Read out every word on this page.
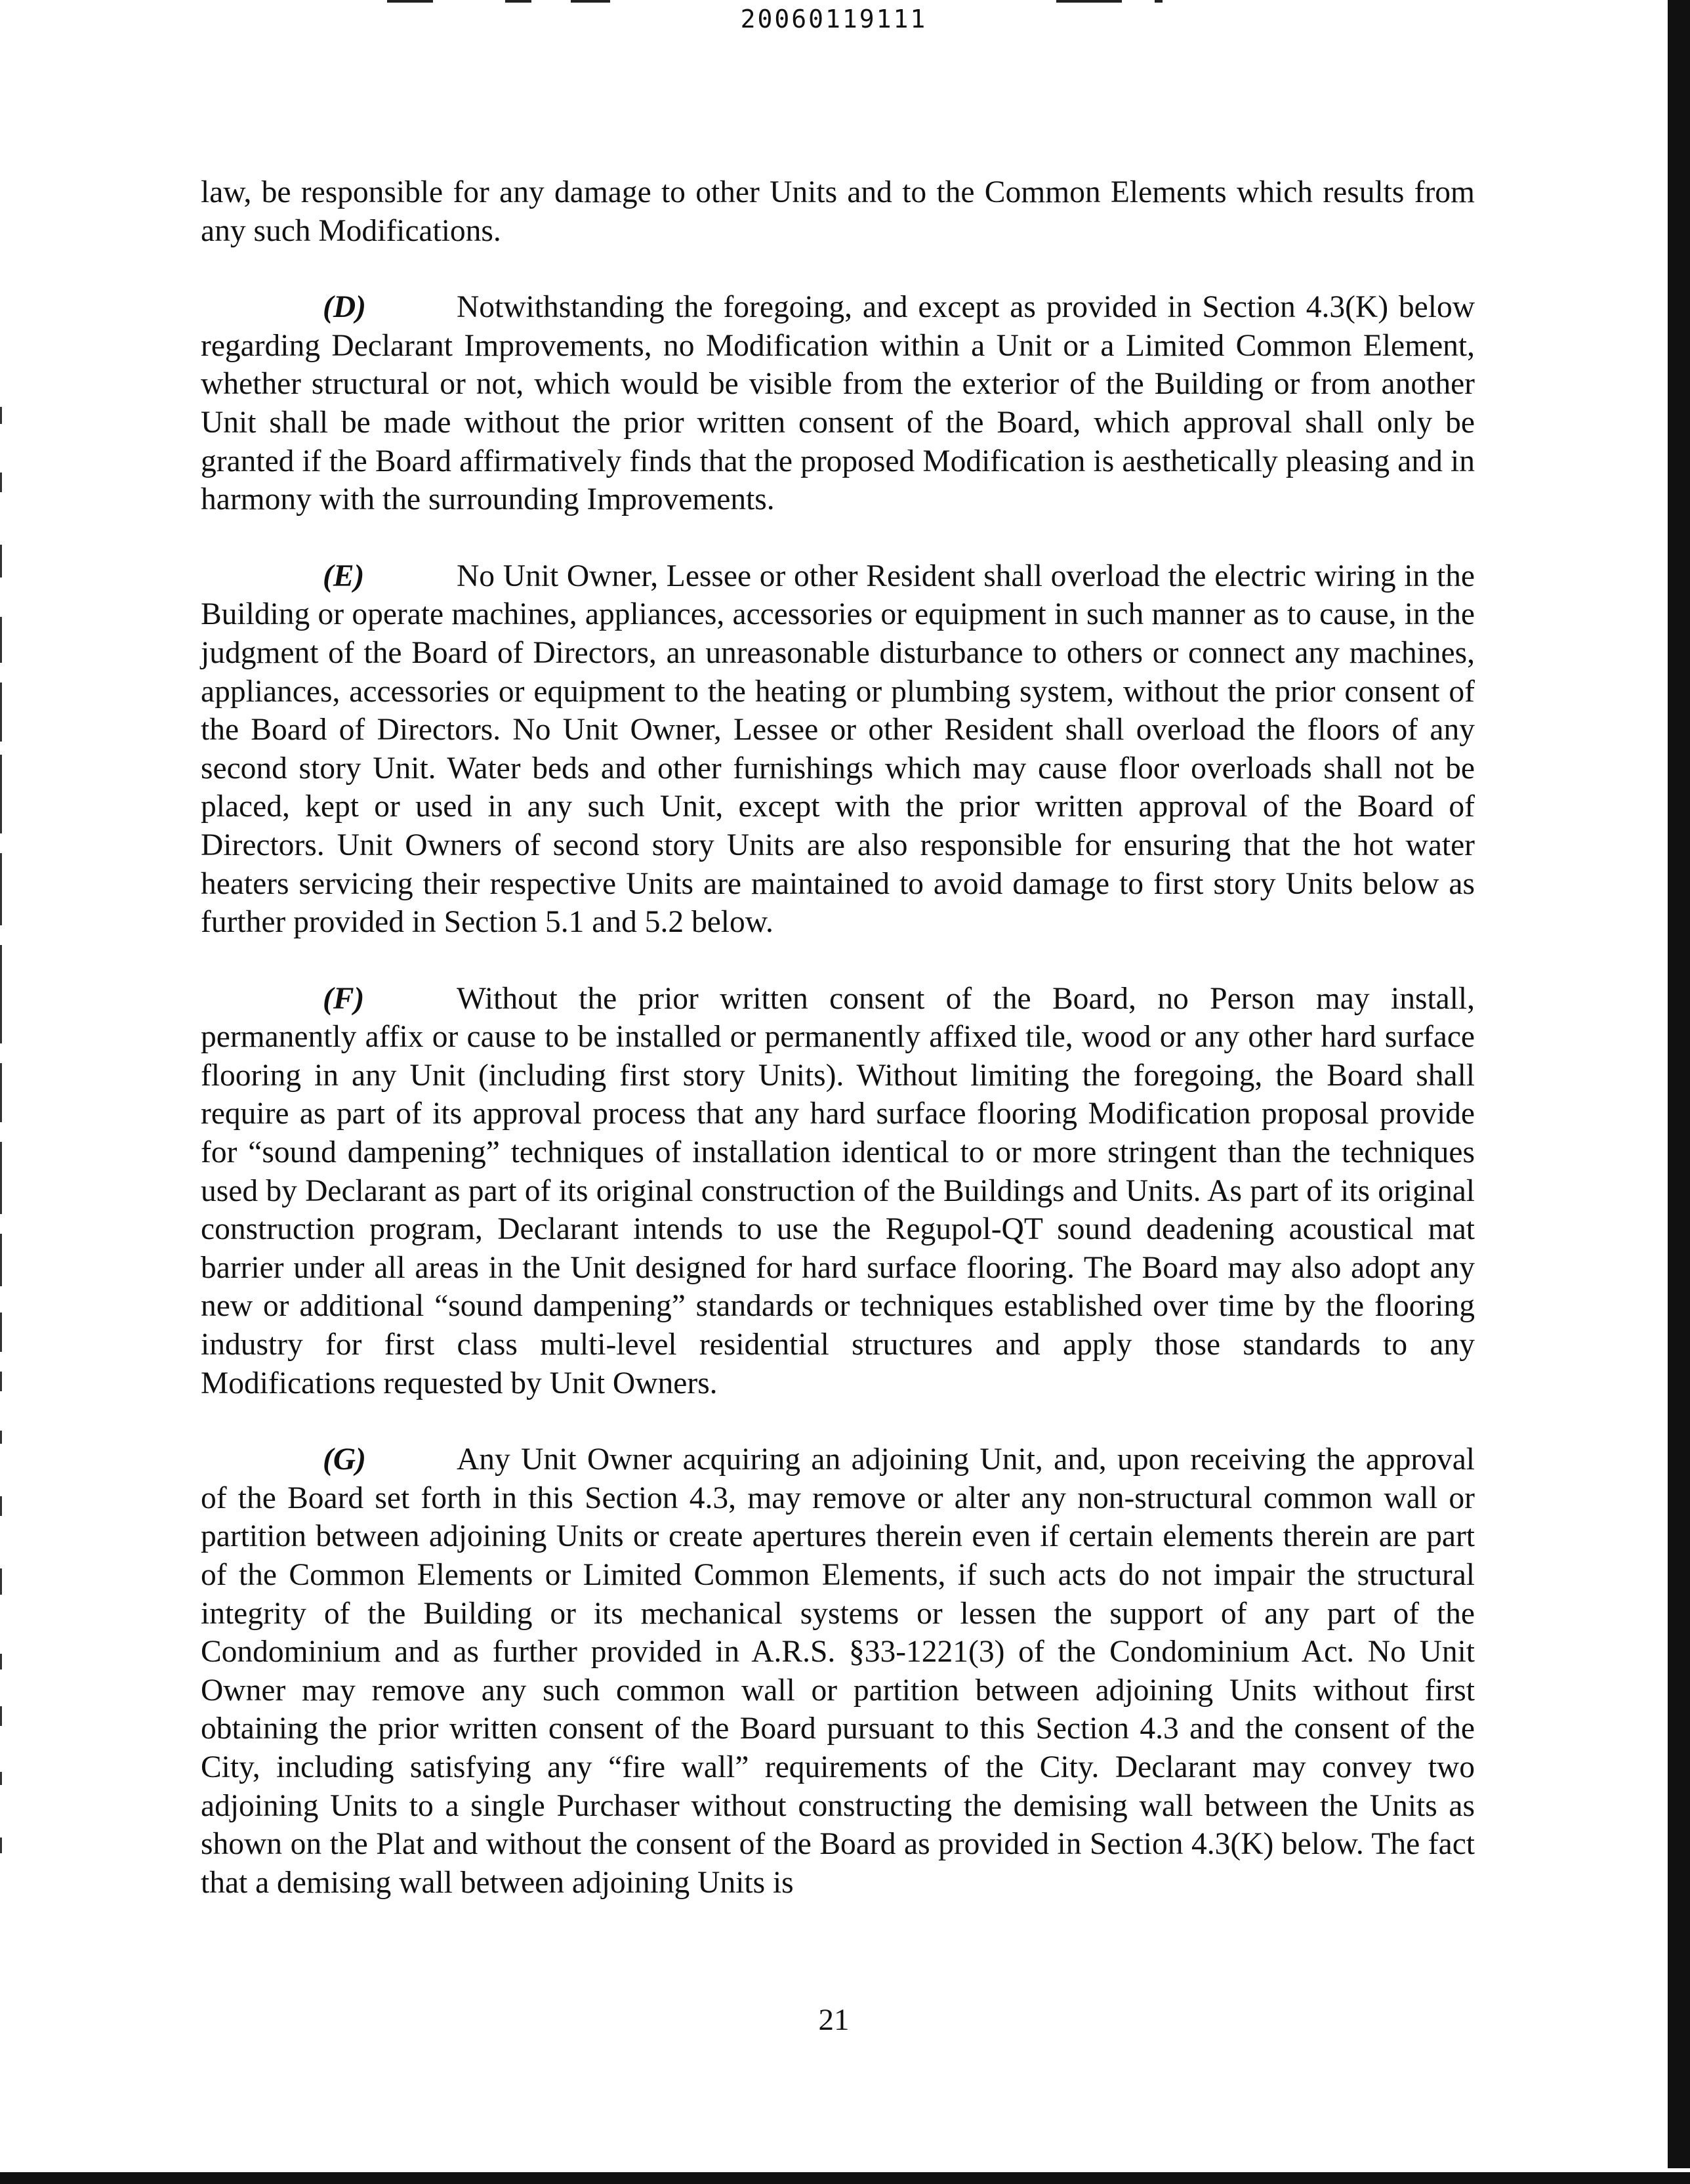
20060119111

law, be responsible for any damage to other Units and to the Common Elements which results from any such Modifications.

(D)	Notwithstanding the foregoing, and except as provided in Section 4.3(K) below regarding Declarant Improvements, no Modification within a Unit or a Limited Common Element, whether structural or not, which would be visible from the exterior of the Building or from another Unit shall be made without the prior written consent of the Board, which approval shall only be granted if the Board affirmatively finds that the proposed Modification is aesthetically pleasing and in harmony with the surrounding Improvements.

(E)	No Unit Owner, Lessee or other Resident shall overload the electric wiring in the Building or operate machines, appliances, accessories or equipment in such manner as to cause, in the judgment of the Board of Directors, an unreasonable disturbance to others or connect any machines, appliances, accessories or equipment to the heating or plumbing system, without the prior consent of the Board of Directors. No Unit Owner, Lessee or other Resident shall overload the floors of any second story Unit. Water beds and other furnishings which may cause floor overloads shall not be placed, kept or used in any such Unit, except with the prior written approval of the Board of Directors. Unit Owners of second story Units are also responsible for ensuring that the hot water heaters servicing their respective Units are maintained to avoid damage to first story Units below as further provided in Section 5.1 and 5.2 below.

(F)	Without the prior written consent of the Board, no Person may install, permanently affix or cause to be installed or permanently affixed tile, wood or any other hard surface flooring in any Unit (including first story Units). Without limiting the foregoing, the Board shall require as part of its approval process that any hard surface flooring Modification proposal provide for “sound dampening” techniques of installation identical to or more stringent than the techniques used by Declarant as part of its original construction of the Buildings and Units. As part of its original construction program, Declarant intends to use the Regupol-QT sound deadening acoustical mat barrier under all areas in the Unit designed for hard surface flooring. The Board may also adopt any new or additional “sound dampening” standards or techniques established over time by the flooring industry for first class multi-level residential structures and apply those standards to any Modifications requested by Unit Owners.

(G)	Any Unit Owner acquiring an adjoining Unit, and, upon receiving the approval of the Board set forth in this Section 4.3, may remove or alter any non-structural common wall or partition between adjoining Units or create apertures therein even if certain elements therein are part of the Common Elements or Limited Common Elements, if such acts do not impair the structural integrity of the Building or its mechanical systems or lessen the support of any part of the Condominium and as further provided in A.R.S. §33-1221(3) of the Condominium Act. No Unit Owner may remove any such common wall or partition between adjoining Units without first obtaining the prior written consent of the Board pursuant to this Section 4.3 and the consent of the City, including satisfying any “fire wall” requirements of the City. Declarant may convey two adjoining Units to a single Purchaser without constructing the demising wall between the Units as shown on the Plat and without the consent of the Board as provided in Section 4.3(K) below. The fact that a demising wall between adjoining Units is

21
